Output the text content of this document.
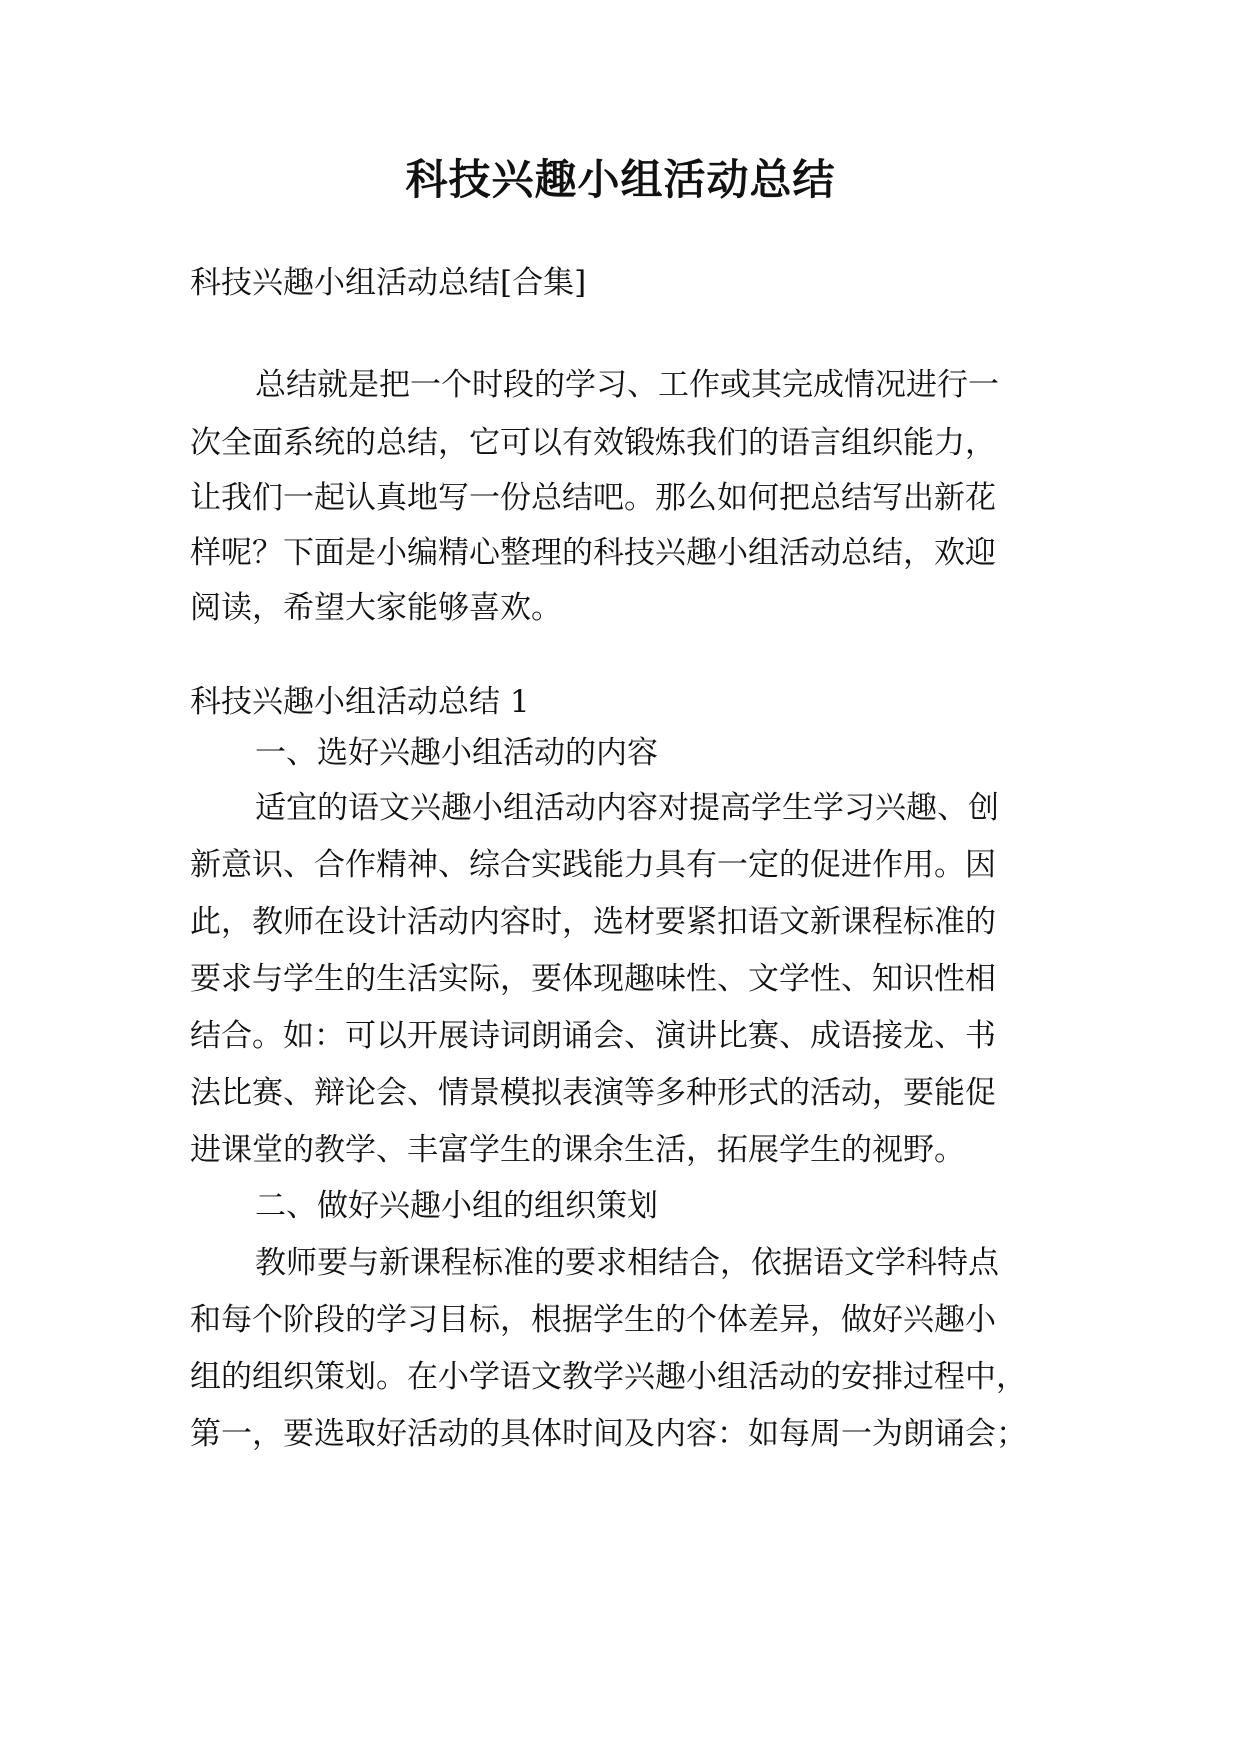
科技兴趣小组活动总结
科技兴趣小组活动总结[合集]
总结就是把一个时段的学习、工作或其完成情况进行一
次全面系统的总结，它可以有效锻炼我们的语言组织能力，
让我们一起认真地写一份总结吧。那么如何把总结写出新花
样呢？下面是小编精心整理的科技兴趣小组活动总结，欢迎
阅读，希望大家能够喜欢。
科技兴趣小组活动总结 1
一、选好兴趣小组活动的内容
适宜的语文兴趣小组活动内容对提高学生学习兴趣、创
新意识、合作精神、综合实践能力具有一定的促进作用。因
此，教师在设计活动内容时，选材要紧扣语文新课程标准的
要求与学生的生活实际，要体现趣味性、文学性、知识性相
结合。如：可以开展诗词朗诵会、演讲比赛、成语接龙、书
法比赛、辩论会、情景模拟表演等多种形式的活动，要能促
进课堂的教学、丰富学生的课余生活，拓展学生的视野。
二、做好兴趣小组的组织策划
教师要与新课程标准的要求相结合，依据语文学科特点
和每个阶段的学习目标，根据学生的个体差异，做好兴趣小
组的组织策划。在小学语文教学兴趣小组活动的安排过程中，
第一，要选取好活动的具体时间及内容：如每周一为朗诵会；
